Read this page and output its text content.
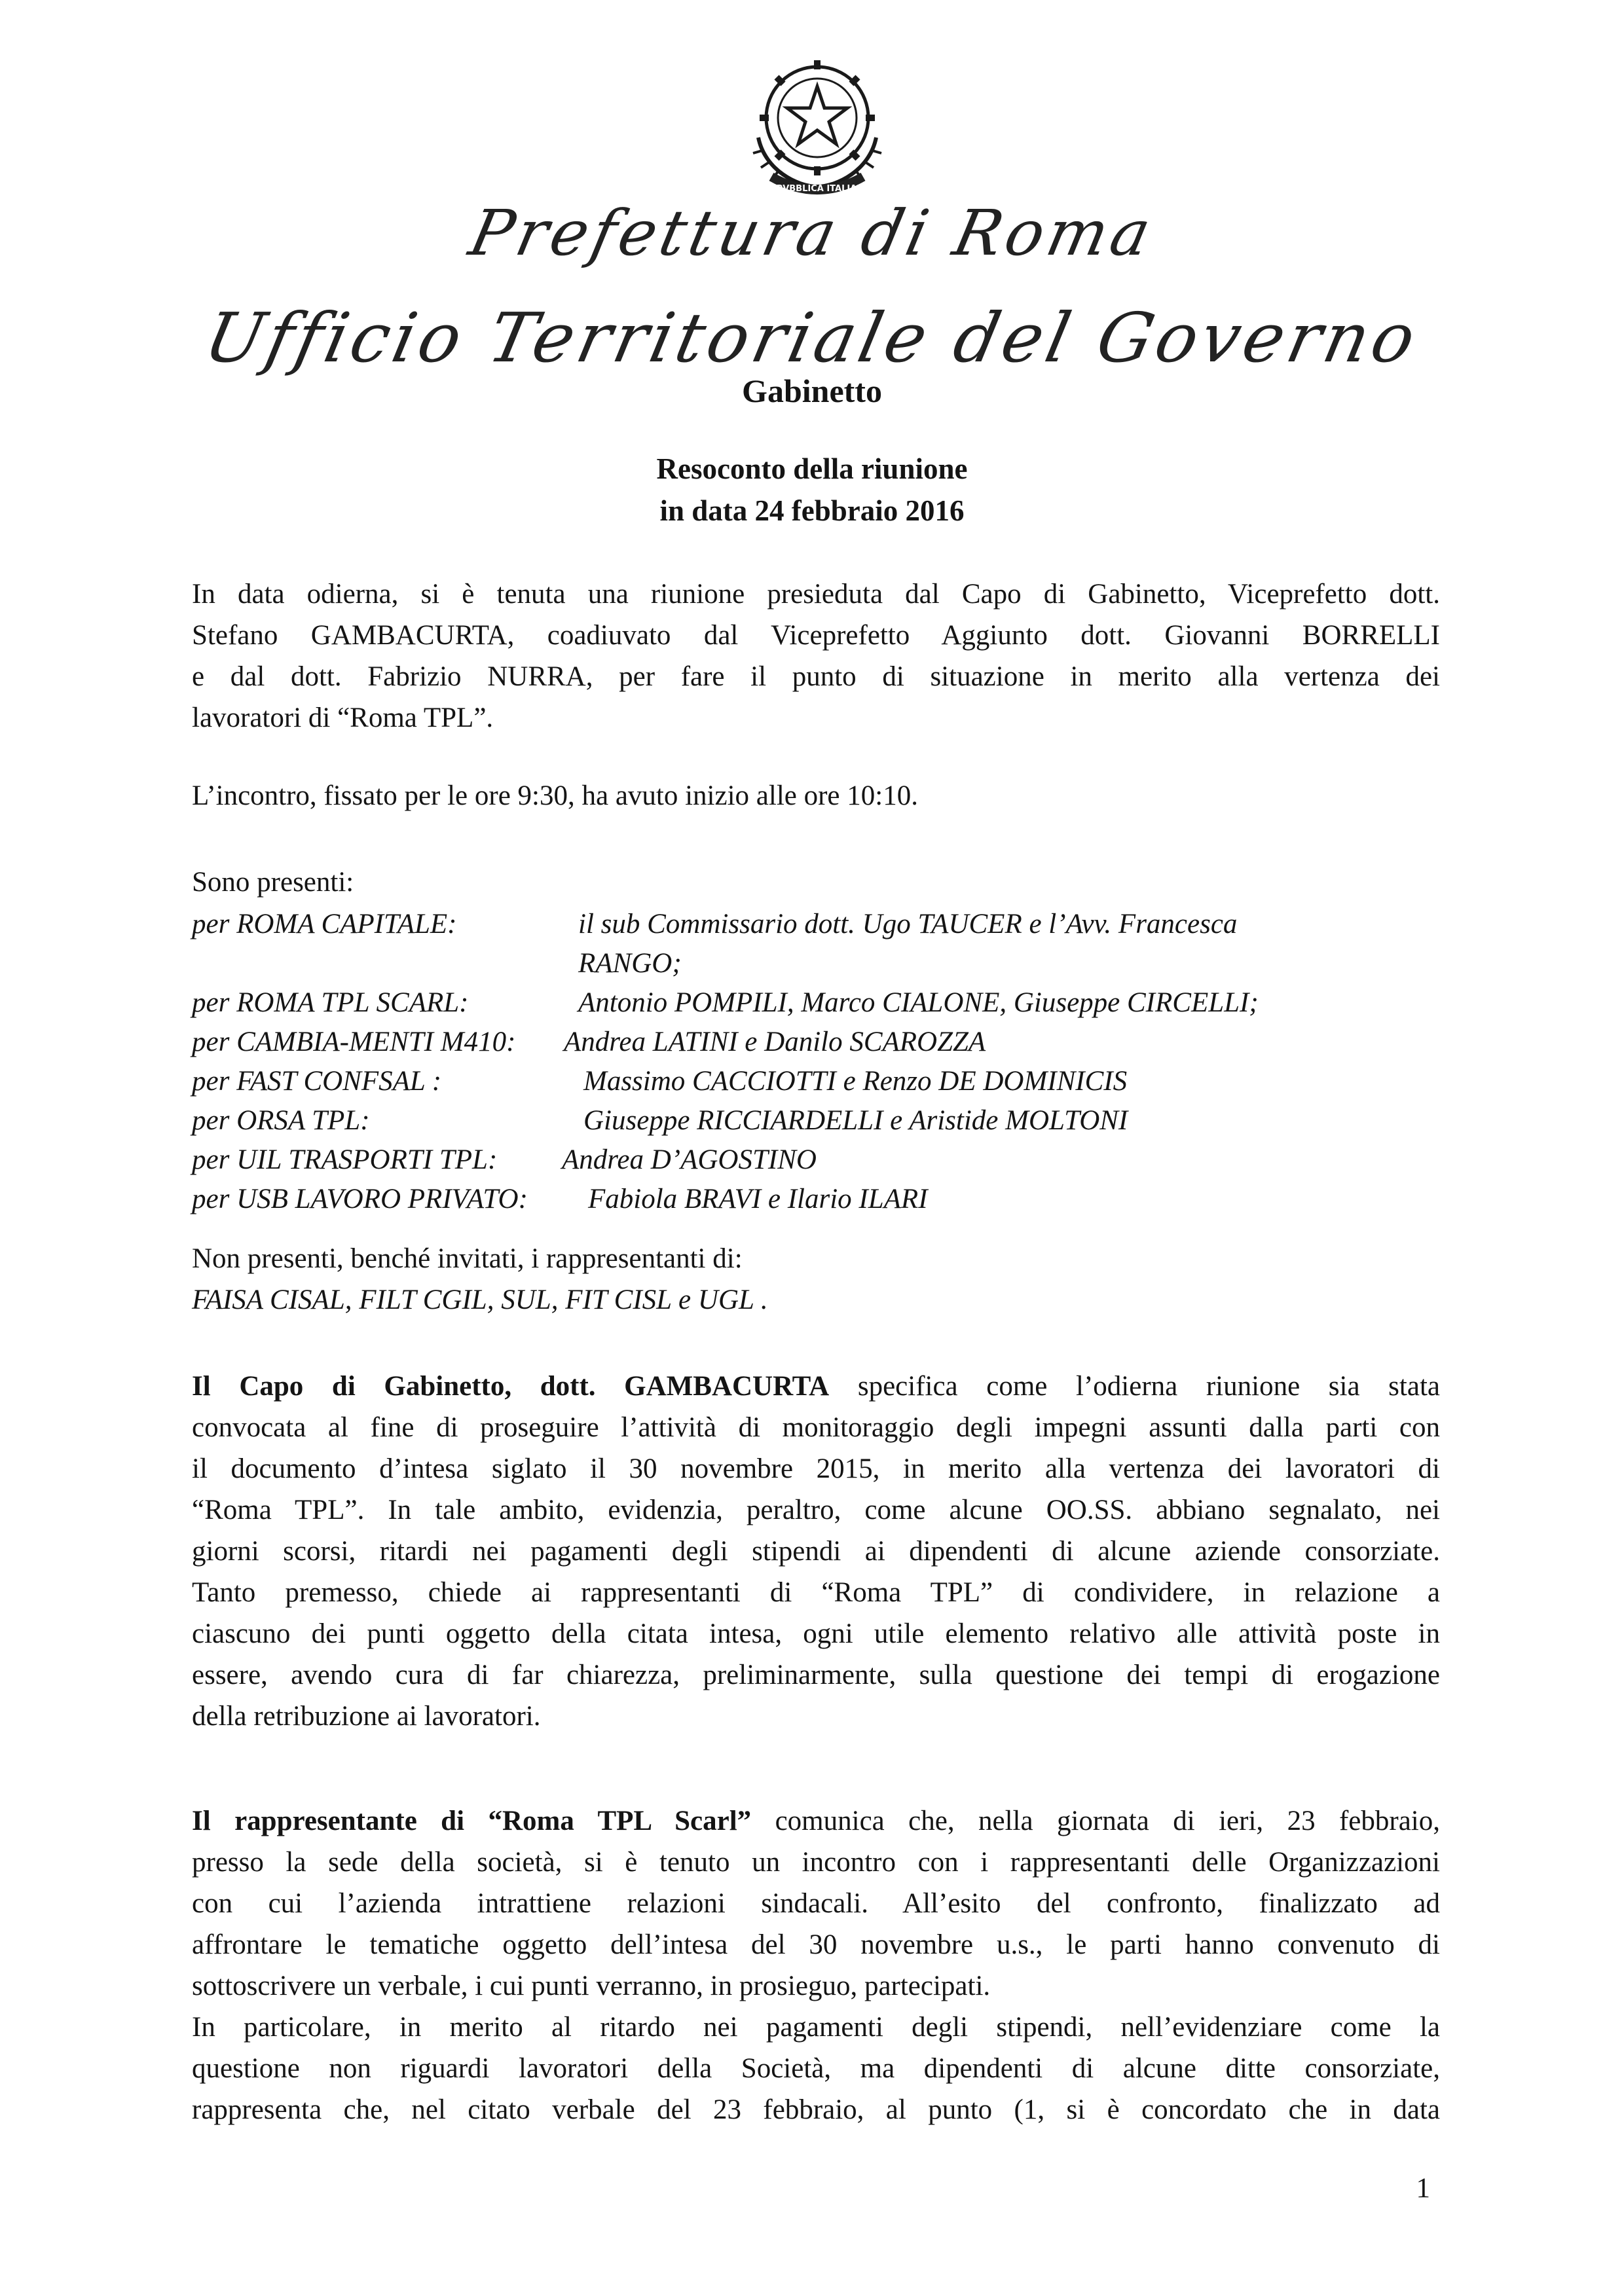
REPVBBLICA ITALIANA
Prefettura di Roma
Ufficio Territoriale del Governo
Gabinetto
Resoconto della riunione
in data 24 febbraio 2016
In data odierna, si è tenuta una riunione presieduta dal Capo di Gabinetto, Viceprefetto dott.
Stefano GAMBACURTA, coadiuvato dal Viceprefetto Aggiunto dott. Giovanni BORRELLI
e dal dott. Fabrizio NURRA, per fare il punto di situazione in merito alla vertenza dei
lavoratori di “Roma TPL”.
L’incontro, fissato per le ore 9:30, ha avuto inizio alle ore 10:10.
Sono presenti:
per ROMA CAPITALE:	il sub Commissario dott. Ugo TAUCER e l’Avv. Francesca
RANGO;
per ROMA TPL SCARL:	Antonio POMPILI, Marco CIALONE, Giuseppe CIRCELLI;
per CAMBIA-MENTI M410: Andrea LATINI e Danilo SCAROZZA
per FAST CONFSAL :	Massimo CACCIOTTI e Renzo DE DOMINICIS
per ORSA TPL:	Giuseppe RICCIARDELLI e Aristide MOLTONI
per UIL TRASPORTI TPL: Andrea D’AGOSTINO
per USB LAVORO PRIVATO: Fabiola BRAVI e Ilario ILARI
Non presenti, benché invitati, i rappresentanti di:
FAISA CISAL, FILT CGIL, SUL, FIT CISL e UGL .
Il Capo di Gabinetto, dott. GAMBACURTA specifica come l’odierna riunione sia stata
convocata al fine di proseguire l’attività di monitoraggio degli impegni assunti dalla parti con
il documento d’intesa siglato il 30 novembre 2015, in merito alla vertenza dei lavoratori di
“Roma TPL”. In tale ambito, evidenzia, peraltro, come alcune OO.SS. abbiano segnalato, nei
giorni scorsi, ritardi nei pagamenti degli stipendi ai dipendenti di alcune aziende consorziate.
Tanto premesso, chiede ai rappresentanti di “Roma TPL” di condividere, in relazione a
ciascuno dei punti oggetto della citata intesa, ogni utile elemento relativo alle attività poste in
essere, avendo cura di far chiarezza, preliminarmente, sulla questione dei tempi di erogazione
della retribuzione ai lavoratori.
Il rappresentante di “Roma TPL Scarl” comunica che, nella giornata di ieri, 23 febbraio,
presso la sede della società, si è tenuto un incontro con i rappresentanti delle Organizzazioni
con cui l’azienda intrattiene relazioni sindacali. All’esito del confronto, finalizzato ad
affrontare le tematiche oggetto dell’intesa del 30 novembre u.s., le parti hanno convenuto di
sottoscrivere un verbale, i cui punti verranno, in prosieguo, partecipati.
In particolare, in merito al ritardo nei pagamenti degli stipendi, nell’evidenziare come la
questione non riguardi lavoratori della Società, ma dipendenti di alcune ditte consorziate,
rappresenta che, nel citato verbale del 23 febbraio, al punto (1, si è concordato che in data
1
